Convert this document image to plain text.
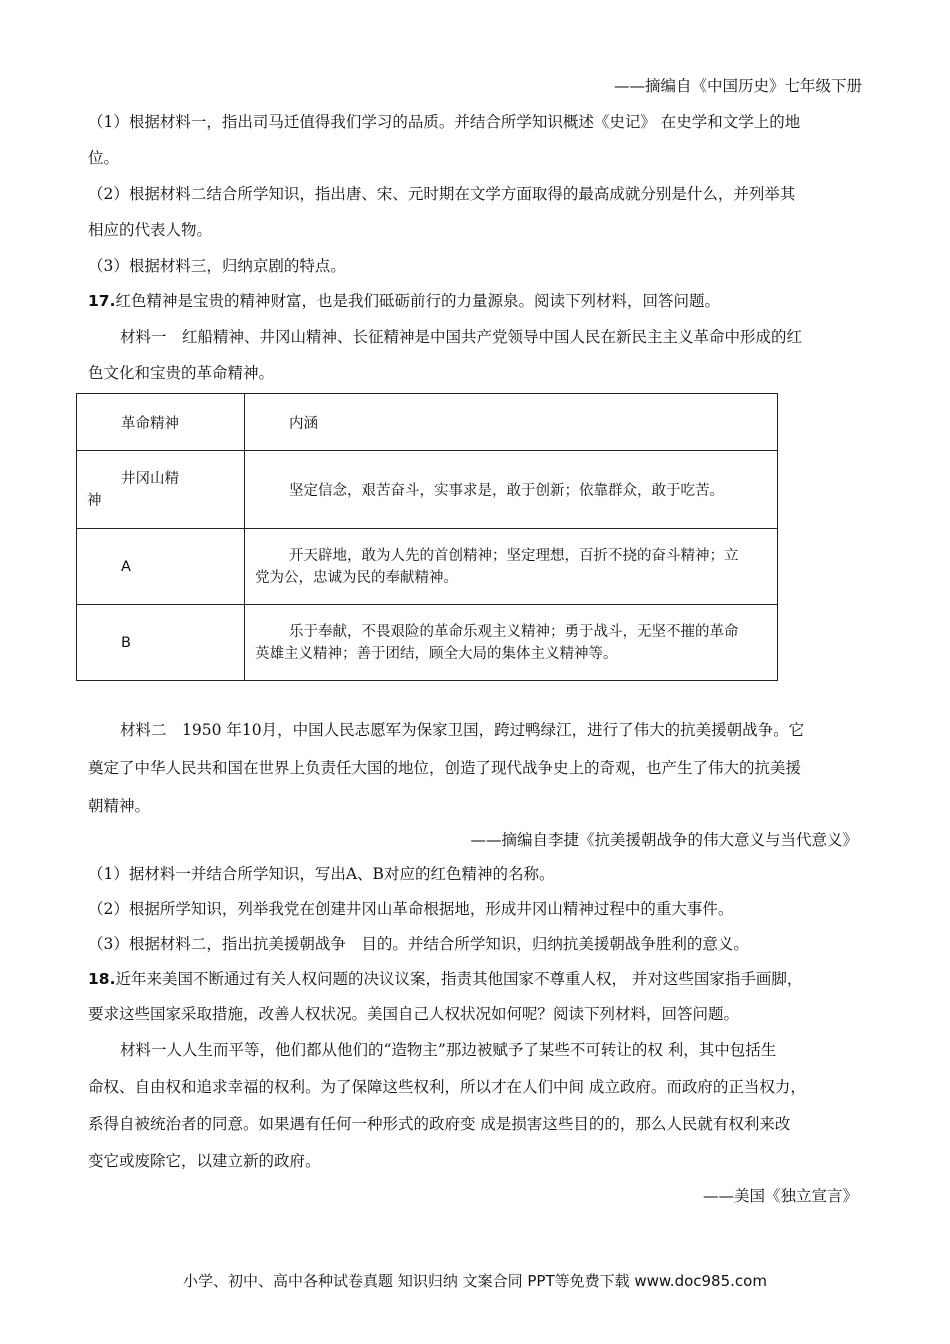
——摘编自《中国历史》七年级下册
（1）根据材料一，指出司马迁值得我们学习的品质。并结合所学知识概述《史记》 在史学和文学上的地
位。
（2）根据材料二结合所学知识，指出唐、宋、元时期在文学方面取得的最高成就分别是什么，并列举其
相应的代表人物。
（3）根据材料三，归纳京剧的特点。
17.红色精神是宝贵的精神财富，也是我们砥砺前行的力量源泉。阅读下列材料，回答问题。
材料一　红船精神、井冈山精神、长征精神是中国共产党领导中国人民在新民主主义革命中形成的红
色文化和宝贵的革命精神。
革命精神	内涵

井冈山精
神	坚定信念，艰苦奋斗，实事求是，敢于创新；依靠群众，敢于吃苦。
A	开天辟地，敢为人先的首创精神；坚定理想，百折不挠的奋斗精神；立
党为公，忠诚为民的奉献精神。

B	乐于奉献，不畏艰险的革命乐观主义精神；勇于战斗，无坚不摧的革命
英雄主义精神；善于团结，顾全大局的集体主义精神等。
材料二　1950 年10月，中国人民志愿军为保家卫国，跨过鸭绿江，进行了伟大的抗美援朝战争。它
奠定了中华人民共和国在世界上负责任大国的地位，创造了现代战争史上的奇观，也产生了伟大的抗美援
朝精神。
——摘编自李捷《抗美援朝战争的伟大意义与当代意义》
（1）据材料一并结合所学知识，写出A、B对应的红色精神的名称。
（2）根据所学知识，列举我党在创建井冈山革命根据地，形成井冈山精神过程中的重大事件。
（3）根据材料二，指出抗美援朝战争　目的。并结合所学知识，归纳抗美援朝战争胜利的意义。
18.近年来美国不断通过有关人权问题的决议议案，指责其他国家不尊重人权， 并对这些国家指手画脚，
要求这些国家采取措施，改善人权状况。美国自己人权状况如何呢？阅读下列材料，回答问题。
材料一人人生而平等，他们都从他们的“造物主”那边被赋予了某些不可转让的权 利，其中包括生
命权、自由权和追求幸福的权利。为了保障这些权利，所以才在人们中间 成立政府。而政府的正当权力，
系得自被统治者的同意。如果遇有任何一种形式的政府变 成是损害这些目的的，那么人民就有权利来改
变它或废除它，以建立新的政府。
——美国《独立宣言》
小学、初中、高中各种试卷真题 知识归纳 文案合同 PPT等免费下载 www.doc985.com
